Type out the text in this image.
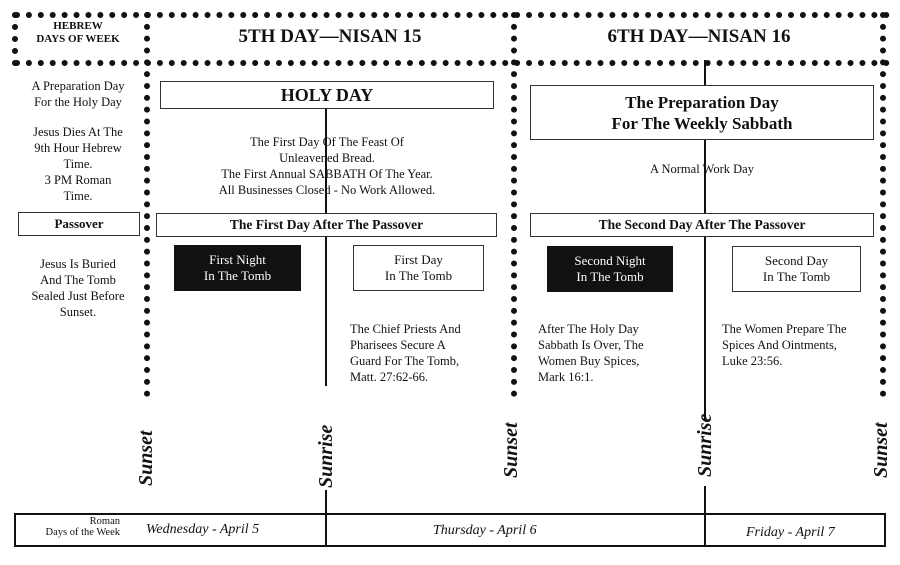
HEBREW
DAYS OF WEEK	5TH DAY—NISAN 15	6TH DAY—NISAN 16
A Preparation Day
For the Holy Day
Jesus Dies At The
9th Hour Hebrew
Time.
3 PM Roman
Time.
Passover
Jesus Is Buried
And The Tomb
Sealed Just Before
Sunset.
HOLY DAY
The First Day Of The Feast Of
Unleavened Bread.
The First Annual SABBATH Of The Year.
All Businesses Closed - No Work Allowed.
The First Day After The Passover
First Night
In The Tomb
First Day
In The Tomb
The Chief Priests And
Pharisees Secure A
Guard For The Tomb,
Matt. 27:62-66.
The Preparation Day
For The Weekly Sabbath
A Normal Work Day
The Second Day After The Passover
Second Night
In The Tomb
Second Day
In The Tomb
After The Holy Day
Sabbath Is Over, The
Women Buy Spices,
Mark 16:1.
The Women Prepare The
Spices And Ointments,
Luke 23:56.
Sunset	Sunrise	Sunset	Sunrise	Sunset
Roman
Days of the Week Wednesday - April 5	Thursday - April 6	Friday - April 7
